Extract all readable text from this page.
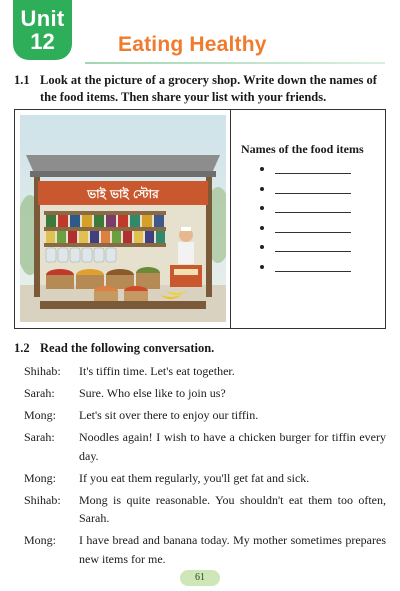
Unit
12	Eating Healthy
1.1 Look at the picture of a grocery shop. Write down the names of the food items. Then share your list with your friends.
ভাই ভাই স্টোর
Names of the food items
1.2 Read the following conversation.
Shihab:	It's tiffin time. Let's eat together.
Sarah:	Sure. Who else like to join us?
Mong:	Let's sit over there to enjoy our tiffin.
Sarah:	Noodles again! I wish to have a chicken burger for tiffin every day.
Mong:	If you eat them regularly, you'll get fat and sick.
Shihab:	Mong is quite reasonable. You shouldn't eat them too often, Sarah.
Mong:	I have bread and banana today. My mother sometimes prepares new items for me.
61
